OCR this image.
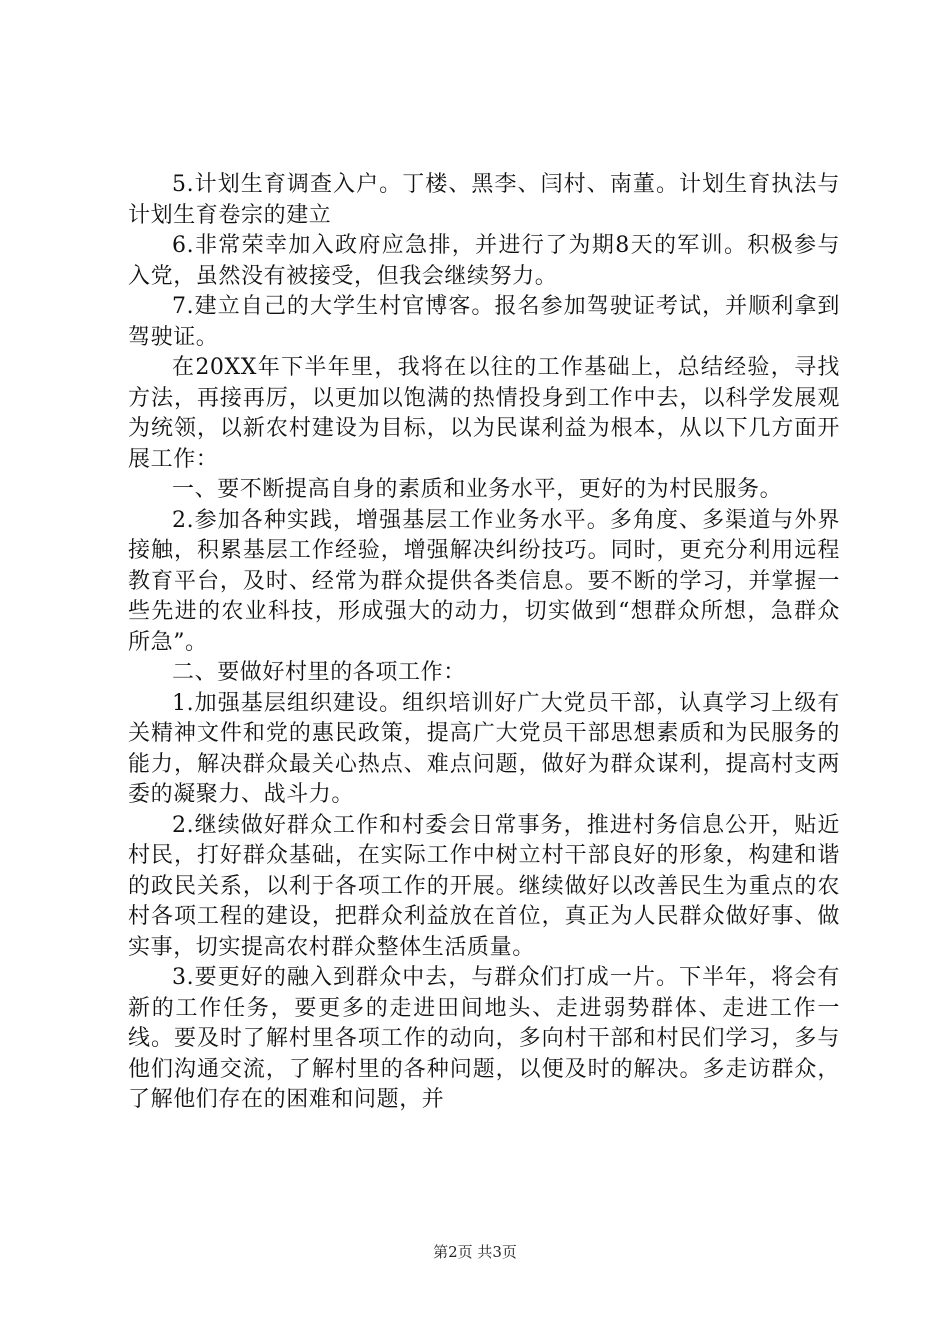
5.计划生育调查入户。丁楼、黑李、闫村、南董。计划生育执法与计划生育卷宗的建立

6.非常荣幸加入政府应急排，并进行了为期8天的军训。积极参与入党，虽然没有被接受，但我会继续努力。

7.建立自己的大学生村官博客。报名参加驾驶证考试，并顺利拿到驾驶证。

在20XX年下半年里，我将在以往的工作基础上，总结经验，寻找方法，再接再厉，以更加以饱满的热情投身到工作中去，以科学发展观为统领，以新农村建设为目标，以为民谋利益为根本，从以下几方面开展工作：

一、要不断提高自身的素质和业务水平，更好的为村民服务。

2.参加各种实践，增强基层工作业务水平。多角度、多渠道与外界接触，积累基层工作经验，增强解决纠纷技巧。同时，更充分利用远程教育平台，及时、经常为群众提供各类信息。要不断的学习，并掌握一些先进的农业科技，形成强大的动力，切实做到“想群众所想，急群众所急”。

二、要做好村里的各项工作：

1.加强基层组织建设。组织培训好广大党员干部，认真学习上级有关精神文件和党的惠民政策，提高广大党员干部思想素质和为民服务的能力，解决群众最关心热点、难点问题，做好为群众谋利，提高村支两委的凝聚力、战斗力。

2.继续做好群众工作和村委会日常事务，推进村务信息公开，贴近村民，打好群众基础，在实际工作中树立村干部良好的形象，构建和谐的政民关系，以利于各项工作的开展。继续做好以改善民生为重点的农村各项工程的建设，把群众利益放在首位，真正为人民群众做好事、做实事，切实提高农村群众整体生活质量。

3.要更好的融入到群众中去，与群众们打成一片。下半年，将会有新的工作任务，要更多的走进田间地头、走进弱势群体、走进工作一线。要及时了解村里各项工作的动向，多向村干部和村民们学习，多与他们沟通交流，了解村里的各种问题，以便及时的解决。多走访群众，了解他们存在的困难和问题，并

第2页 共3页
